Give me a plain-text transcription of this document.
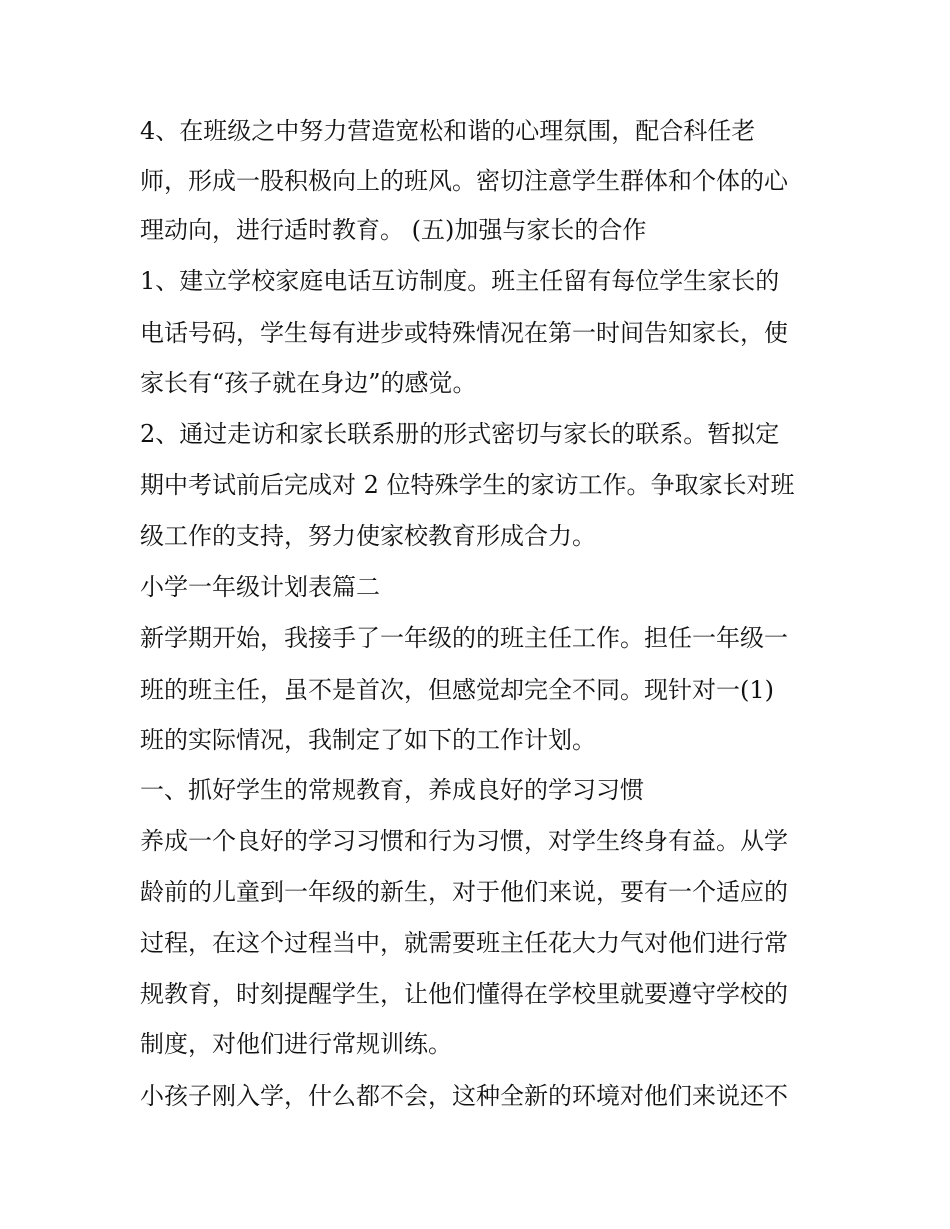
4、在班级之中努力营造宽松和谐的心理氛围，配合科任老

师，形成一股积极向上的班风。密切注意学生群体和个体的心

理动向，进行适时教育。 (五)加强与家长的合作

1、建立学校家庭电话互访制度。班主任留有每位学生家长的

电话号码，学生每有进步或特殊情况在第一时间告知家长，使

家长有“孩子就在身边”的感觉。

2、通过走访和家长联系册的形式密切与家长的联系。暂拟定

期中考试前后完成对 2 位特殊学生的家访工作。争取家长对班

级工作的支持，努力使家校教育形成合力。

小学一年级计划表篇二

新学期开始，我接手了一年级的的班主任工作。担任一年级一

班的班主任，虽不是首次，但感觉却完全不同。现针对一(1)

班的实际情况，我制定了如下的工作计划。

一、抓好学生的常规教育，养成良好的学习习惯

养成一个良好的学习习惯和行为习惯，对学生终身有益。从学

龄前的儿童到一年级的新生，对于他们来说，要有一个适应的

过程，在这个过程当中，就需要班主任花大力气对他们进行常

规教育，时刻提醒学生，让他们懂得在学校里就要遵守学校的

制度，对他们进行常规训练。

小孩子刚入学，什么都不会，这种全新的环境对他们来说还不
